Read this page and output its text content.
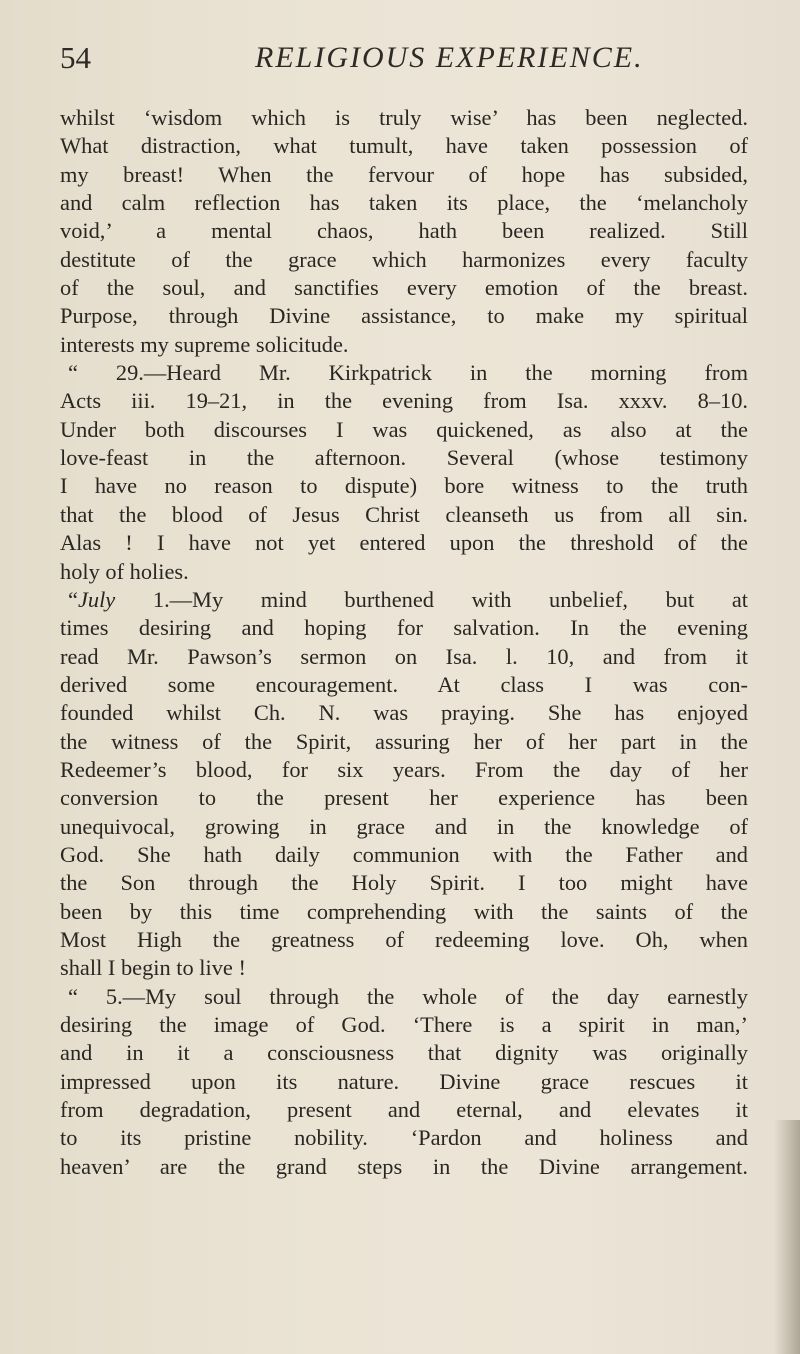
54	RELIGIOUS EXPERIENCE.
whilst ‘wisdom which is truly wise’ has been neglected.
What distraction, what tumult, have taken possession of
my breast! When the fervour of hope has subsided,
and calm reflection has taken its place, the ‘melancholy
void,’ a mental chaos, hath been realized. Still
destitute of the grace which harmonizes every faculty
of the soul, and sanctifies every emotion of the breast.
Purpose, through Divine assistance, to make my spiritual
interests my supreme solicitude.
“ 29.—Heard Mr. Kirkpatrick in the morning from
Acts iii. 19–21, in the evening from Isa. xxxv. 8–10.
Under both discourses I was quickened, as also at the
love-feast in the afternoon. Several (whose testimony
I have no reason to dispute) bore witness to the truth
that the blood of Jesus Christ cleanseth us from all sin.
Alas ! I have not yet entered upon the threshold of the
holy of holies.
“July 1.—My mind burthened with unbelief, but at
times desiring and hoping for salvation. In the evening
read Mr. Pawson’s sermon on Isa. l. 10, and from it
derived some encouragement. At class I was con-
founded whilst Ch. N. was praying. She has enjoyed
the witness of the Spirit, assuring her of her part in the
Redeemer’s blood, for six years. From the day of her
conversion to the present her experience has been
unequivocal, growing in grace and in the knowledge of
God. She hath daily communion with the Father and
the Son through the Holy Spirit. I too might have
been by this time comprehending with the saints of the
Most High the greatness of redeeming love. Oh, when
shall I begin to live !
“ 5.—My soul through the whole of the day earnestly
desiring the image of God. ‘There is a spirit in man,’
and in it a consciousness that dignity was originally
impressed upon its nature. Divine grace rescues it
from degradation, present and eternal, and elevates it
to its pristine nobility. ‘Pardon and holiness and
heaven’ are the grand steps in the Divine arrangement.
